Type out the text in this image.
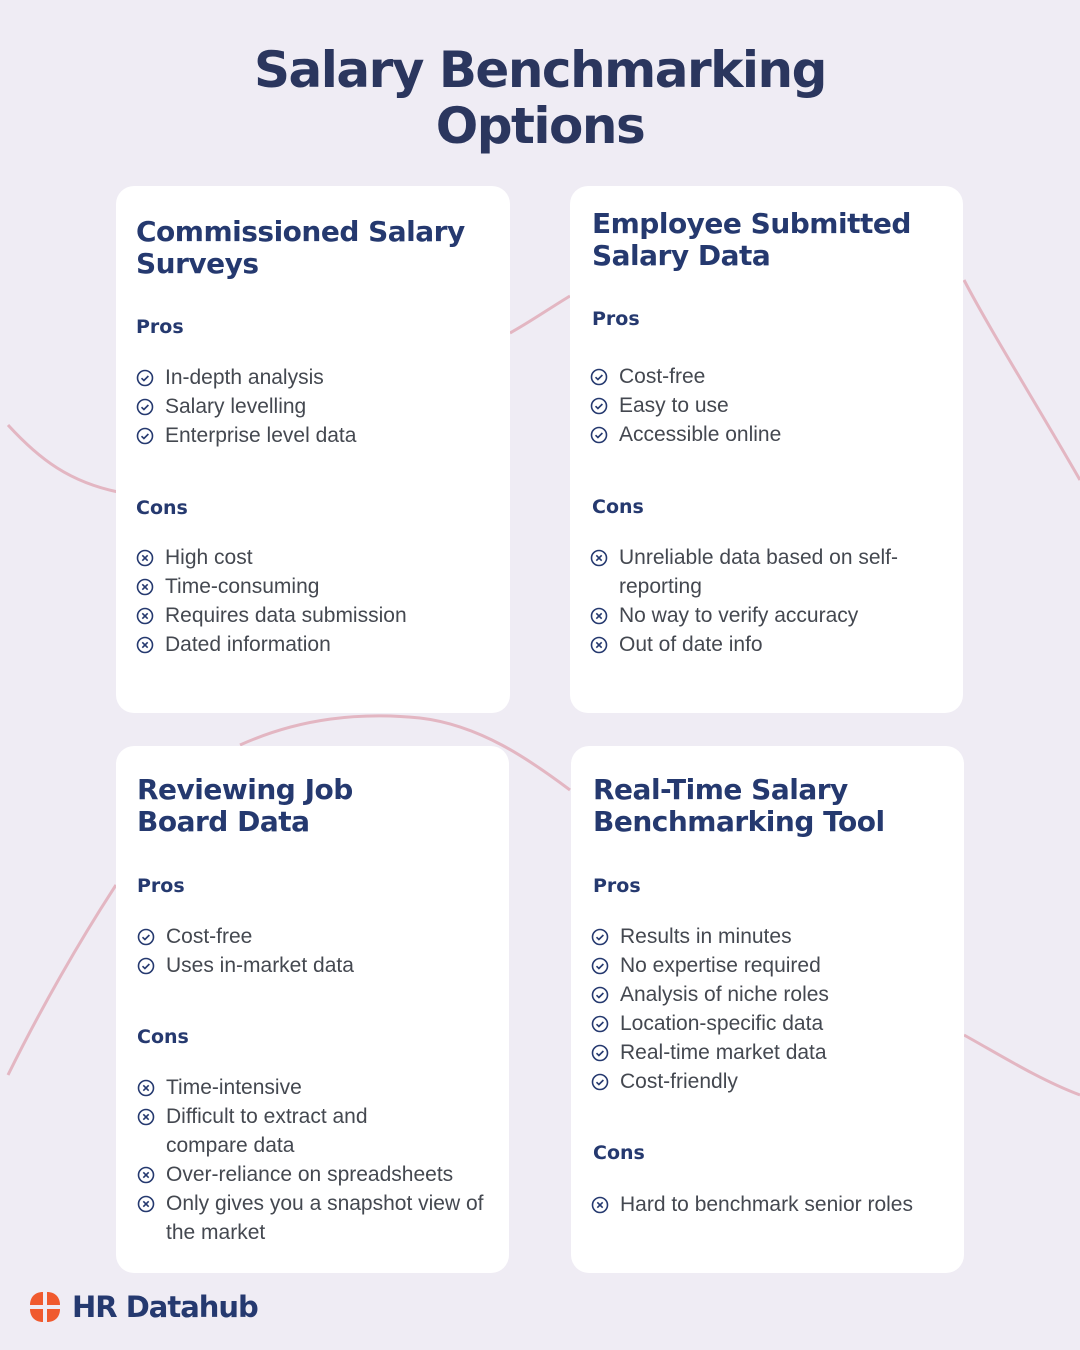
Salary Benchmarking
Options
Commissioned Salary
Surveys
Pros
In-depth analysis
Salary levelling
Enterprise level data
Cons
High cost
Time-consuming
Requires data submission
Dated information
Employee Submitted
Salary Data
Pros
Cost-free
Easy to use
Accessible online
Cons
Unreliable data based on self-reporting
No way to verify accuracy
Out of date info
Reviewing Job
Board Data
Pros
Cost-free
Uses in-market data
Cons
Time-intensive
Difficult to extract and compare data
Over-reliance on spreadsheets
Only gives you a snapshot view of the market
Real-Time Salary
Benchmarking Tool
Pros
Results in minutes
No expertise required
Analysis of niche roles
Location-specific data
Real-time market data
Cost-friendly
Cons
Hard to benchmark senior roles
HR Datahub
